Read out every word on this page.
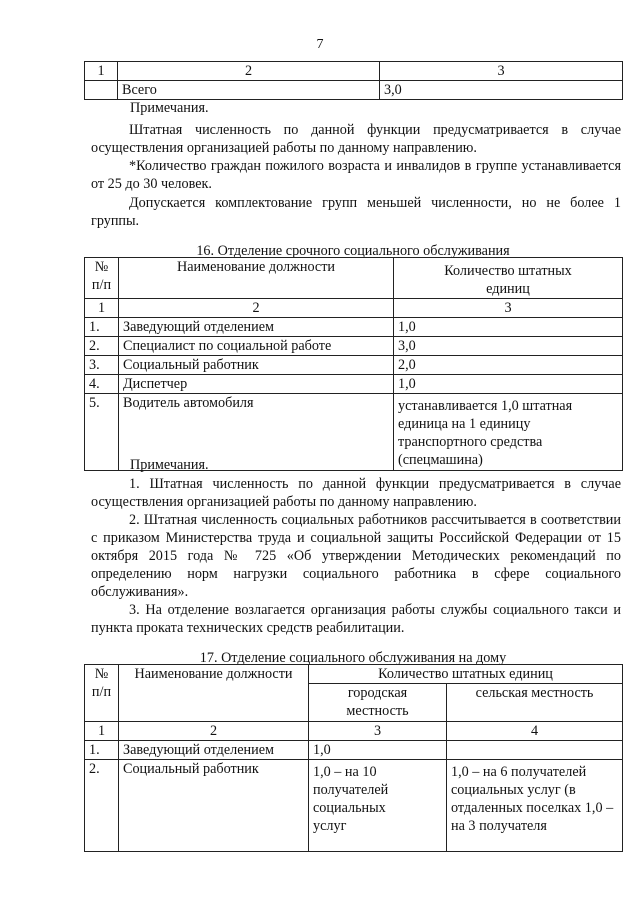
7
1	2	3
	Всего	3,0
Примечания.
Штатная численность по данной функции предусматривается в случае осуществления организацией работы по данному направлению.
*Количество граждан пожилого возраста и инвалидов в группе устанавливается от 25 до 30 человек.
Допускается комплектование групп меньшей численности, но не более 1 группы.
16. Отделение срочного социального обслуживания
№ п/п	Наименование должности	Количество штатных единиц
1	2	3
1.	Заведующий отделением	1,0
2.	Специалист по социальной работе	3,0
3.	Социальный работник	2,0
4.	Диспетчер	1,0
5.	Водитель автомобиля	устанавливается 1,0 штатная единица на 1 единицу транспортного средства (спецмашина)
Примечания.
1. Штатная численность по данной функции предусматривается в случае осуществления организацией работы по данному направлению.
2. Штатная численность социальных работников рассчитывается в соответствии с приказом Министерства труда и социальной защиты Российской Федерации от 15 октября 2015 года № 725 «Об утверждении Методических рекомендаций по определению норм нагрузки социального работника в сфере социального обслуживания».
3. На отделение возлагается организация работы службы социального такси и пункта проката технических средств реабилитации.
17. Отделение социального обслуживания на дому
№ п/п	Наименование должности	Количество штатных единиц	
		городская местность	сельская местность
1	2	3	4
1.	Заведующий отделением	1,0	
2.	Социальный работник	1,0 – на 10 получателей социальных услуг	1,0 – на 6 получателей социальных услуг (в отдаленных поселках 1,0 – на 3 получателя
